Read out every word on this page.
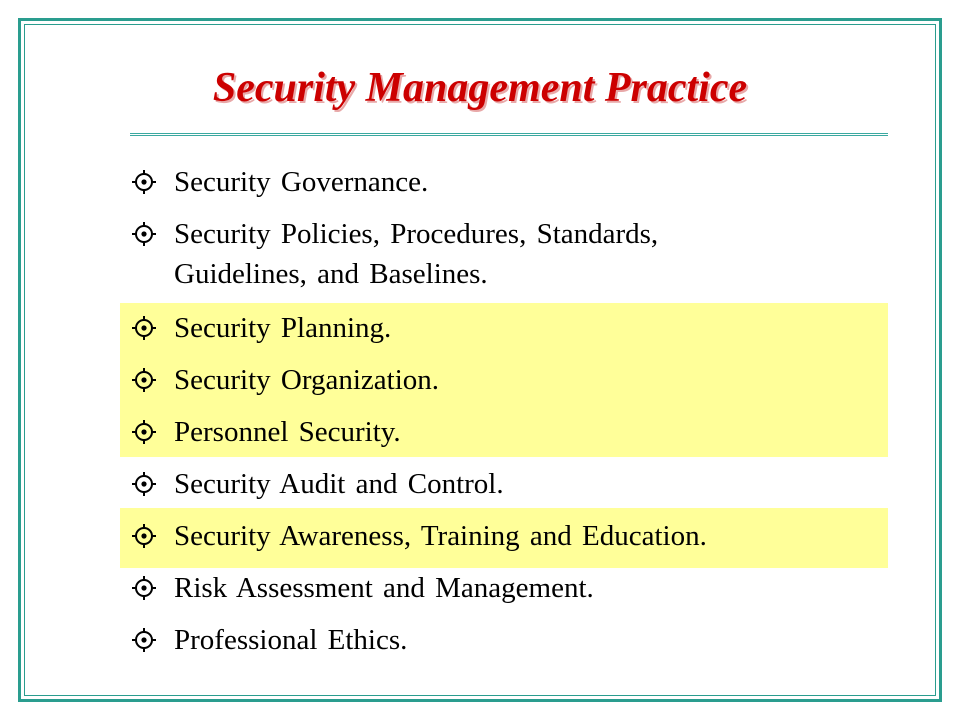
Security Management Practice
Security Governance.
Security Policies, Procedures, Standards,
Guidelines, and Baselines.
Security Planning.
Security Organization.
Personnel Security.
Security Audit and Control.
Security Awareness, Training and Education.
Risk Assessment and Management.
Professional Ethics.
